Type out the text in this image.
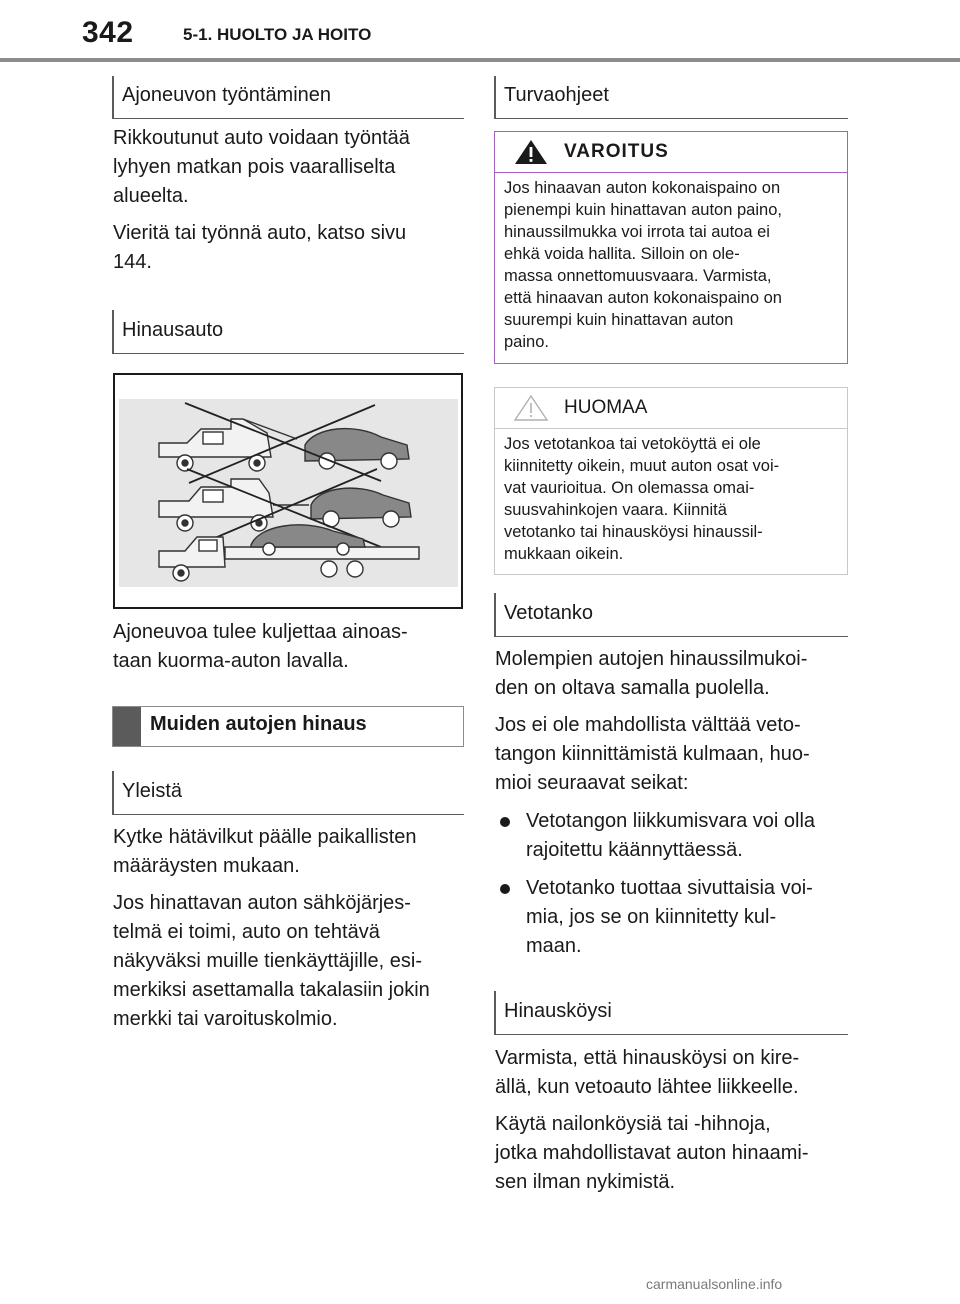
342	5-1. HUOLTO JA HOITO
Ajoneuvon työntäminen

Rikkoutunut auto voidaan työntää

lyhyen matkan pois vaaralliselta

alueelta.

Vieritä tai työnnä auto, katso sivu

144.

Hinausauto

Ajoneuvoa tulee kuljettaa ainoas-

taan kuorma-auton lavalla.

Muiden autojen hinaus
Yleistä

Kytke hätävilkut päälle paikallisten

määräysten mukaan.

Jos hinattavan auton sähköjärjes-

telmä ei toimi, auto on tehtävä

näkyväksi muille tienkäyttäjille, esi-

merkiksi asettamalla takalasiin jokin

merkki tai varoituskolmio.

Turvaohjeet
VAROITUS

Jos hinaavan auton kokonaispaino on

pienempi kuin hinattavan auton paino,

hinaussilmukka voi irrota tai autoa ei

ehkä voida hallita. Silloin on ole-

massa onnettomuusvaara. Varmista,

että hinaavan auton kokonaispaino on

suurempi kuin hinattavan auton

paino.

HUOMAA

Jos vetotankoa tai vetoköyttä ei ole

kiinnitetty oikein, muut auton osat voi-

vat vaurioitua. On olemassa omai-

suusvahinkojen vaara. Kiinnitä

vetotanko tai hinausköysi hinaussil-

mukkaan oikein.

Vetotanko

Molempien autojen hinaussilmukoi-

den on oltava samalla puolella.

Jos ei ole mahdollista välttää veto-

tangon kiinnittämistä kulmaan, huo-

mioi seuraavat seikat:

Vetotangon liikkumisvara voi olla
rajoitettu käännyttäessä.
Vetotanko tuottaa sivuttaisia voi-
mia, jos se on kiinnitetty kul-
maan.
Hinausköysi

Varmista, että hinausköysi on kire-

ällä, kun vetoauto lähtee liikkeelle.

Käytä nailonköysiä tai -hihnoja,

jotka mahdollistavat auton hinaami-

sen ilman nykimistä.

carmanualsonline.info
